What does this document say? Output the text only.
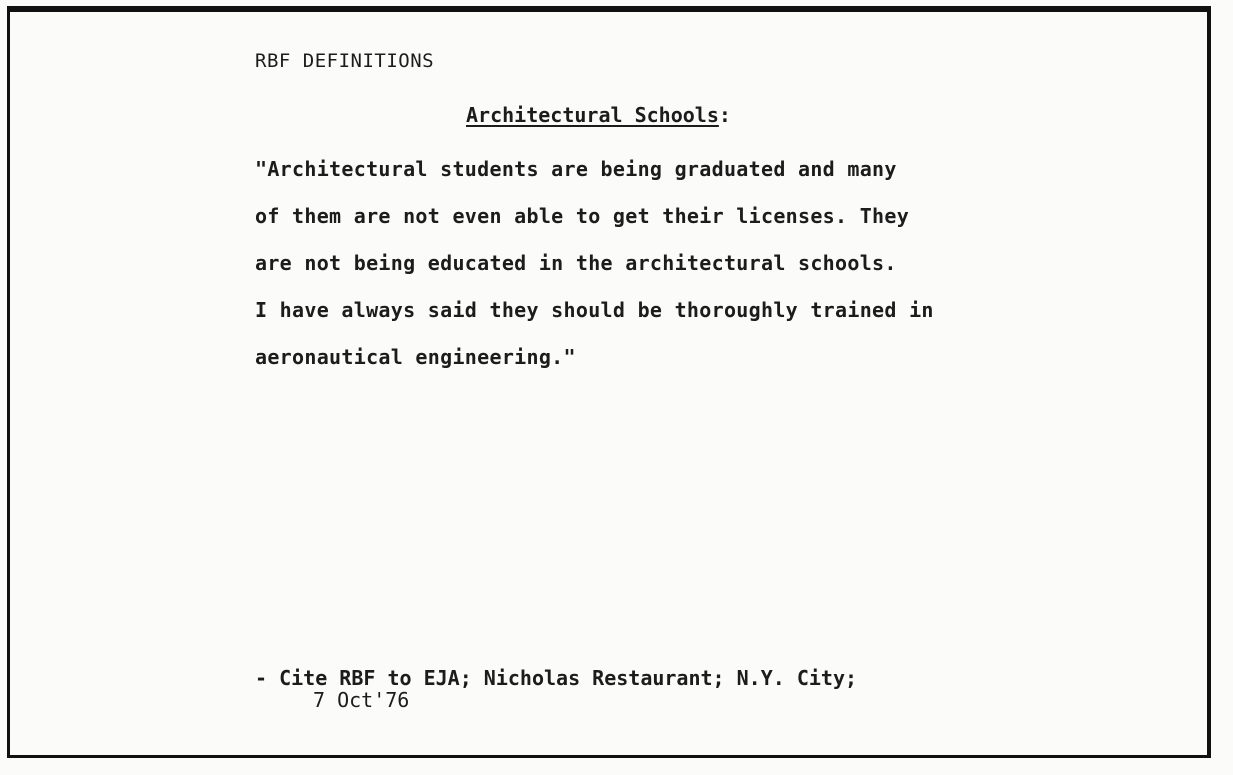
RBF DEFINITIONS
Architectural Schools:
"Architectural students are being graduated and many
of them are not even able to get their licenses. They
are not being educated in the architectural schools.
I have always said they should be thoroughly trained in
aeronautical engineering."
- Cite RBF to EJA; Nicholas Restaurant; N.Y. City;
7 Oct'76
